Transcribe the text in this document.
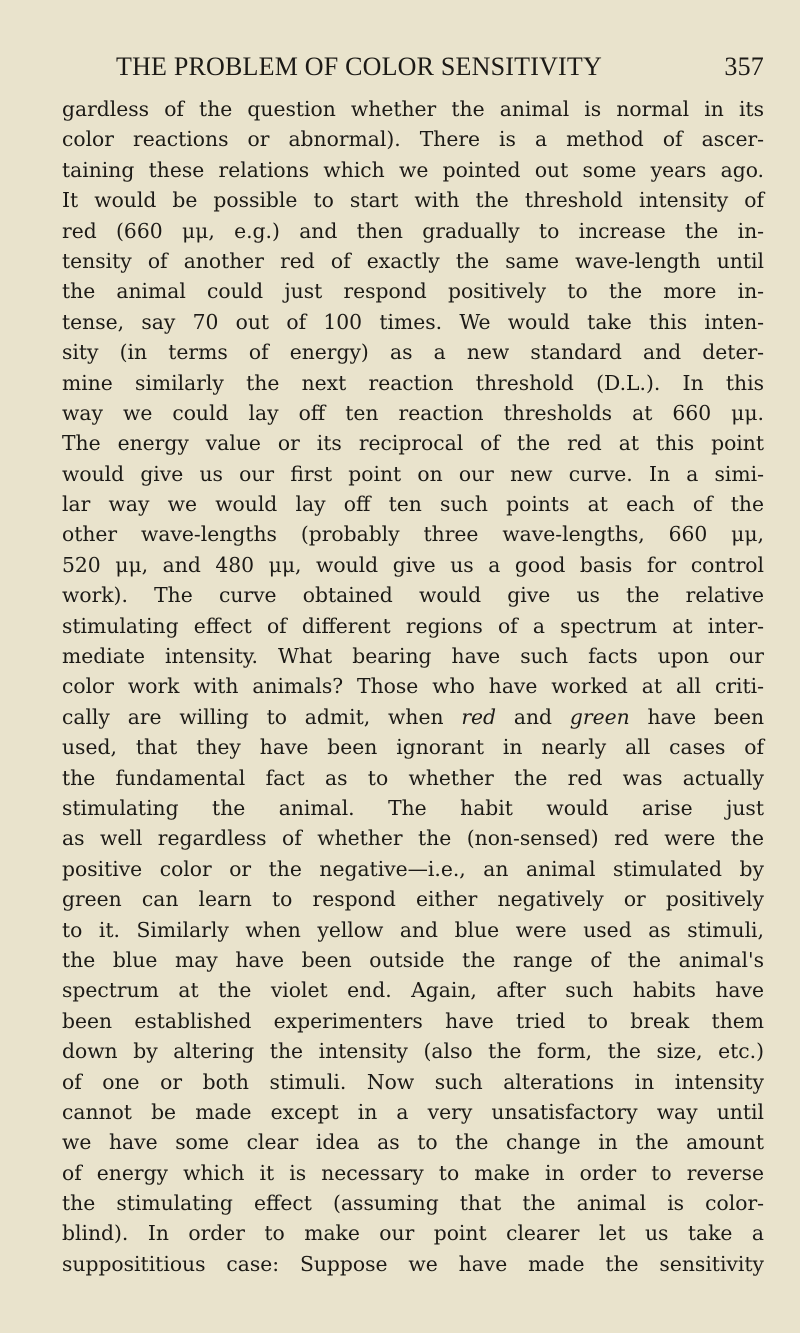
THE PROBLEM OF COLOR SENSITIVITY	357
gardless of the question whether the animal is normal in its
color reactions or abnormal). There is a method of ascer-
taining these relations which we pointed out some years ago.
It would be possible to start with the threshold intensity of
red (660 μμ, e.g.) and then gradually to increase the in-
tensity of another red of exactly the same wave-length until
the animal could just respond positively to the more in-
tense, say 70 out of 100 times. We would take this inten-
sity (in terms of energy) as a new standard and deter-
mine similarly the next reaction threshold (D.L.). In this
way we could lay off ten reaction thresholds at 660 μμ.
The energy value or its reciprocal of the red at this point
would give us our first point on our new curve. In a simi-
lar way we would lay off ten such points at each of the
other wave-lengths (probably three wave-lengths, 660 μμ,
520 μμ, and 480 μμ, would give us a good basis for control
work). The curve obtained would give us the relative
stimulating effect of different regions of a spectrum at inter-
mediate intensity. What bearing have such facts upon our
color work with animals? Those who have worked at all criti-
cally are willing to admit, when red and green have been
used, that they have been ignorant in nearly all cases of
the fundamental fact as to whether the red was actually
stimulating the animal. The habit would arise just
as well regardless of whether the (non-sensed) red were the
positive color or the negative—i.e., an animal stimulated by
green can learn to respond either negatively or positively
to it. Similarly when yellow and blue were used as stimuli,
the blue may have been outside the range of the animal's
spectrum at the violet end. Again, after such habits have
been established experimenters have tried to break them
down by altering the intensity (also the form, the size, etc.)
of one or both stimuli. Now such alterations in intensity
cannot be made except in a very unsatisfactory way until
we have some clear idea as to the change in the amount
of energy which it is necessary to make in order to reverse
the stimulating effect (assuming that the animal is color-
blind). In order to make our point clearer let us take a
supposititious case: Suppose we have made the sensitivity
